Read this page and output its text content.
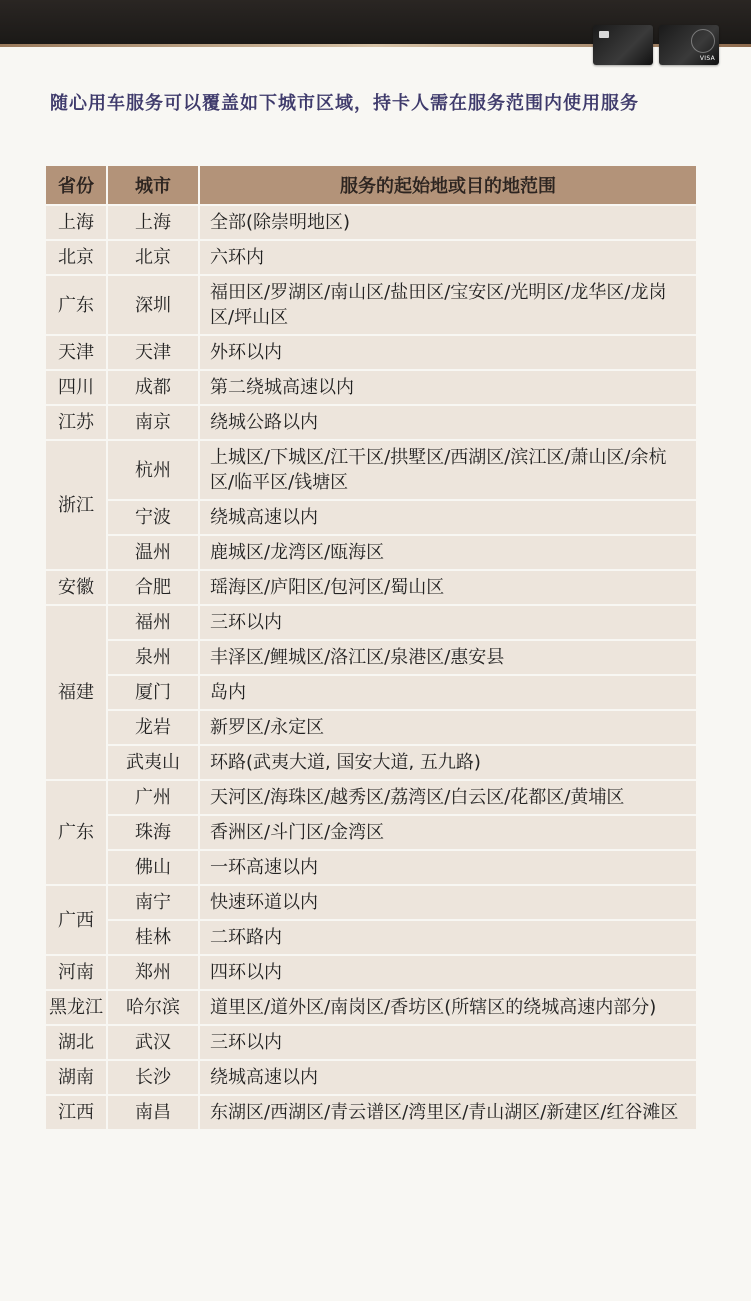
VISA
随心用车服务可以覆盖如下城市区域，持卡人需在服务范围内使用服务
省份	城市	服务的起始地或目的地范围
上海	上海	全部(除崇明地区)
北京	北京	六环内
广东	深圳	福田区/罗湖区/南山区/盐田区/宝安区/光明区/龙华区/龙岗区/坪山区
天津	天津	外环以内
四川	成都	第二绕城高速以内
江苏	南京	绕城公路以内
浙江	杭州	上城区/下城区/江干区/拱墅区/西湖区/滨江区/萧山区/余杭区/临平区/钱塘区
	宁波	绕城高速以内
	温州	鹿城区/龙湾区/瓯海区
安徽	合肥	瑶海区/庐阳区/包河区/蜀山区
福建	福州	三环以内
	泉州	丰泽区/鲤城区/洛江区/泉港区/惠安县
	厦门	岛内
	龙岩	新罗区/永定区
	武夷山	环路(武夷大道, 国安大道, 五九路)
广东	广州	天河区/海珠区/越秀区/荔湾区/白云区/花都区/黄埔区
	珠海	香洲区/斗门区/金湾区
	佛山	一环高速以内
广西	南宁	快速环道以内
	桂林	二环路内
河南	郑州	四环以内
黑龙江	哈尔滨	道里区/道外区/南岗区/香坊区(所辖区的绕城高速内部分)
湖北	武汉	三环以内
湖南	长沙	绕城高速以内
江西	南昌	东湖区/西湖区/青云谱区/湾里区/青山湖区/新建区/红谷滩区
